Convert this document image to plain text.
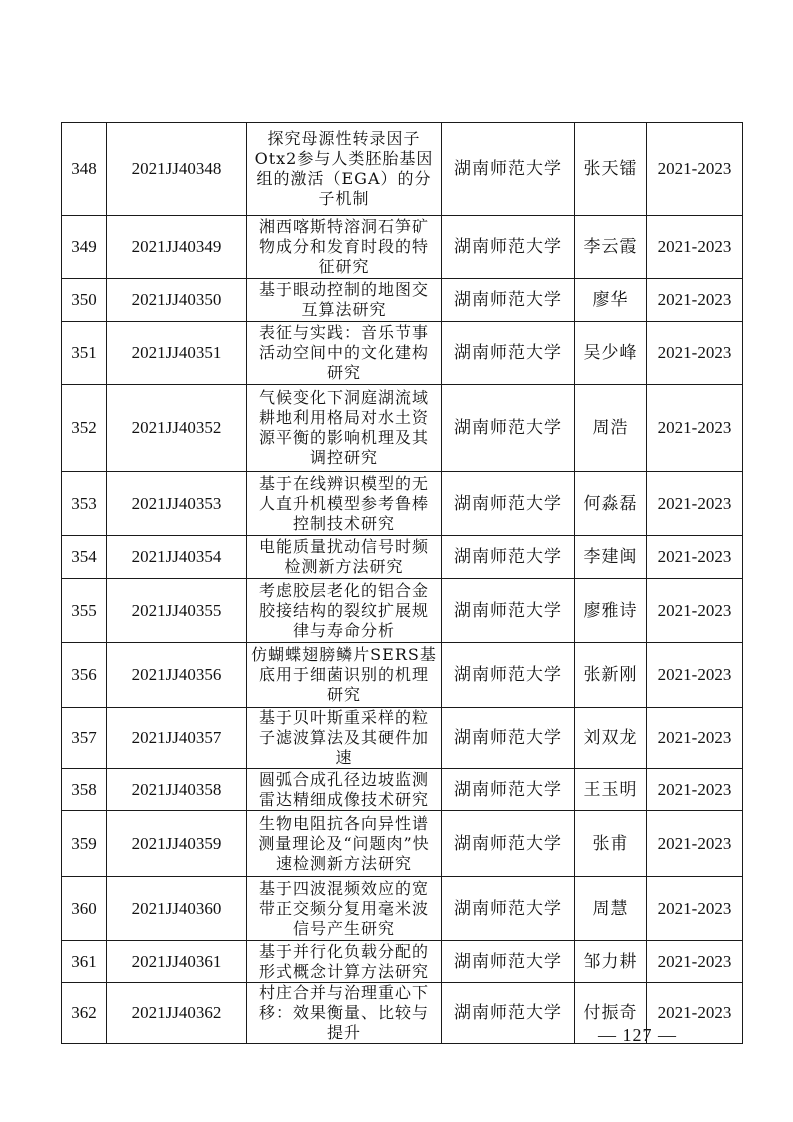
348	2021JJ40348	探究母源性转录因子Otx2参与人类胚胎基因组的激活（EGA）的分子机制	湖南师范大学	张天镭	2021-2023
349	2021JJ40349	湘西喀斯特溶洞石笋矿物成分和发育时段的特征研究	湖南师范大学	李云霞	2021-2023
350	2021JJ40350	基于眼动控制的地图交互算法研究	湖南师范大学	廖华	2021-2023
351	2021JJ40351	表征与实践：音乐节事活动空间中的文化建构研究	湖南师范大学	吴少峰	2021-2023
352	2021JJ40352	气候变化下洞庭湖流域耕地利用格局对水土资源平衡的影响机理及其调控研究	湖南师范大学	周浩	2021-2023
353	2021JJ40353	基于在线辨识模型的无人直升机模型参考鲁棒控制技术研究	湖南师范大学	何淼磊	2021-2023
354	2021JJ40354	电能质量扰动信号时频检测新方法研究	湖南师范大学	李建闽	2021-2023
355	2021JJ40355	考虑胶层老化的铝合金胶接结构的裂纹扩展规律与寿命分析	湖南师范大学	廖雅诗	2021-2023
356	2021JJ40356	仿蝴蝶翅膀鳞片SERS基底用于细菌识别的机理研究	湖南师范大学	张新刚	2021-2023
357	2021JJ40357	基于贝叶斯重采样的粒子滤波算法及其硬件加速	湖南师范大学	刘双龙	2021-2023
358	2021JJ40358	圆弧合成孔径边坡监测雷达精细成像技术研究	湖南师范大学	王玉明	2021-2023
359	2021JJ40359	生物电阻抗各向异性谱测量理论及“问题肉”快速检测新方法研究	湖南师范大学	张甫	2021-2023
360	2021JJ40360	基于四波混频效应的宽带正交频分复用毫米波信号产生研究	湖南师范大学	周慧	2021-2023
361	2021JJ40361	基于并行化负载分配的形式概念计算方法研究	湖南师范大学	邹力耕	2021-2023
362	2021JJ40362	村庄合并与治理重心下移：效果衡量、比较与提升	湖南师范大学	付振奇	2021-2023
— 127 —
